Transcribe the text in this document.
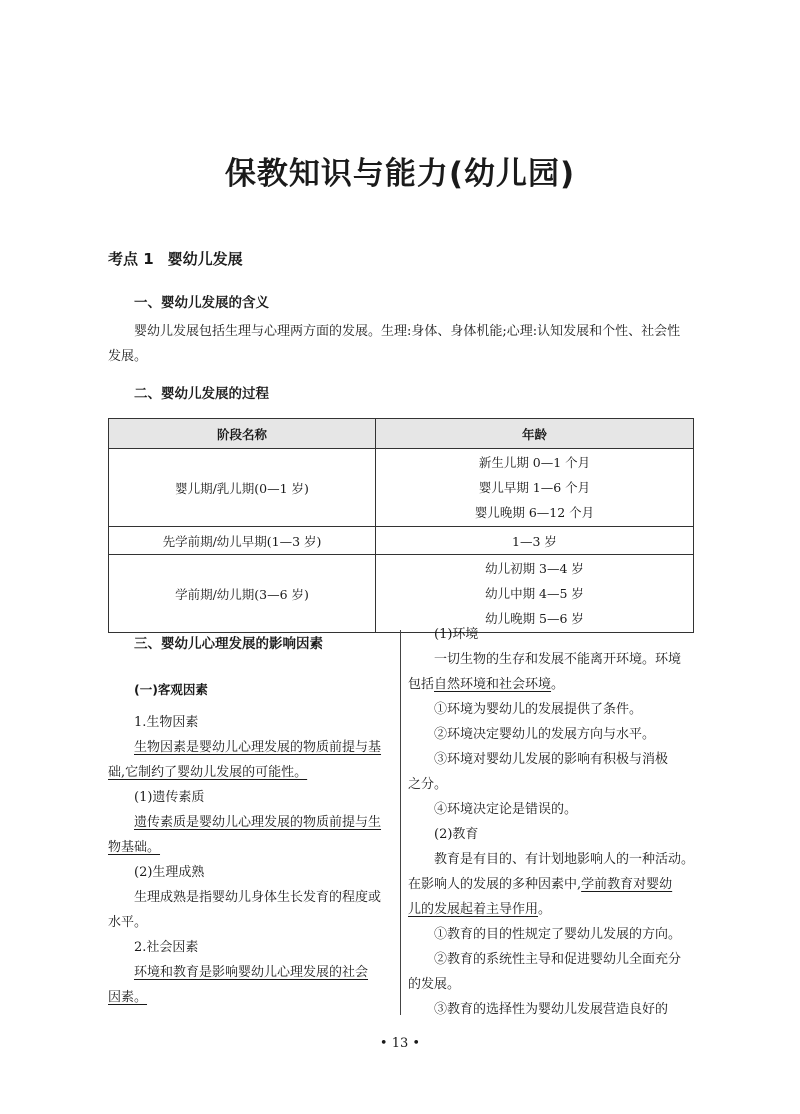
保教知识与能力(幼儿园)
考点 1 婴幼儿发展
一、婴幼儿发展的含义
婴幼儿发展包括生理与心理两方面的发展。生理:身体、身体机能;心理:认知发展和个性、社会性
发展。
二、婴幼儿发展的过程
阶段名称	年龄
婴儿期/乳儿期(0—1 岁)	新生儿期 0—1 个月
婴儿早期 1—6 个月
婴儿晚期 6—12 个月

先学前期/幼儿早期(1—3 岁)	1—3 岁
学前期/幼儿期(3—6 岁)	幼儿初期 3—4 岁
幼儿中期 4—5 岁
幼儿晚期 5—6 岁
三、婴幼儿心理发展的影响因素
(一)客观因素
1.生物因素
生物因素是婴幼儿心理发展的物质前提与基
础,它制约了婴幼儿发展的可能性。
(1)遗传素质
遗传素质是婴幼儿心理发展的物质前提与生
物基础。
(2)生理成熟
生理成熟是指婴幼儿身体生长发育的程度或
水平。
2.社会因素
环境和教育是影响婴幼儿心理发展的社会
因素。
(1)环境
一切生物的生存和发展不能离开环境。环境
包括自然环境和社会环境。
①环境为婴幼儿的发展提供了条件。
②环境决定婴幼儿的发展方向与水平。
③环境对婴幼儿发展的影响有积极与消极
之分。
④环境决定论是错误的。
(2)教育
教育是有目的、有计划地影响人的一种活动。
在影响人的发展的多种因素中,学前教育对婴幼
儿的发展起着主导作用。
①教育的目的性规定了婴幼儿发展的方向。
②教育的系统性主导和促进婴幼儿全面充分
的发展。
③教育的选择性为婴幼儿发展营造良好的
• 13 •
